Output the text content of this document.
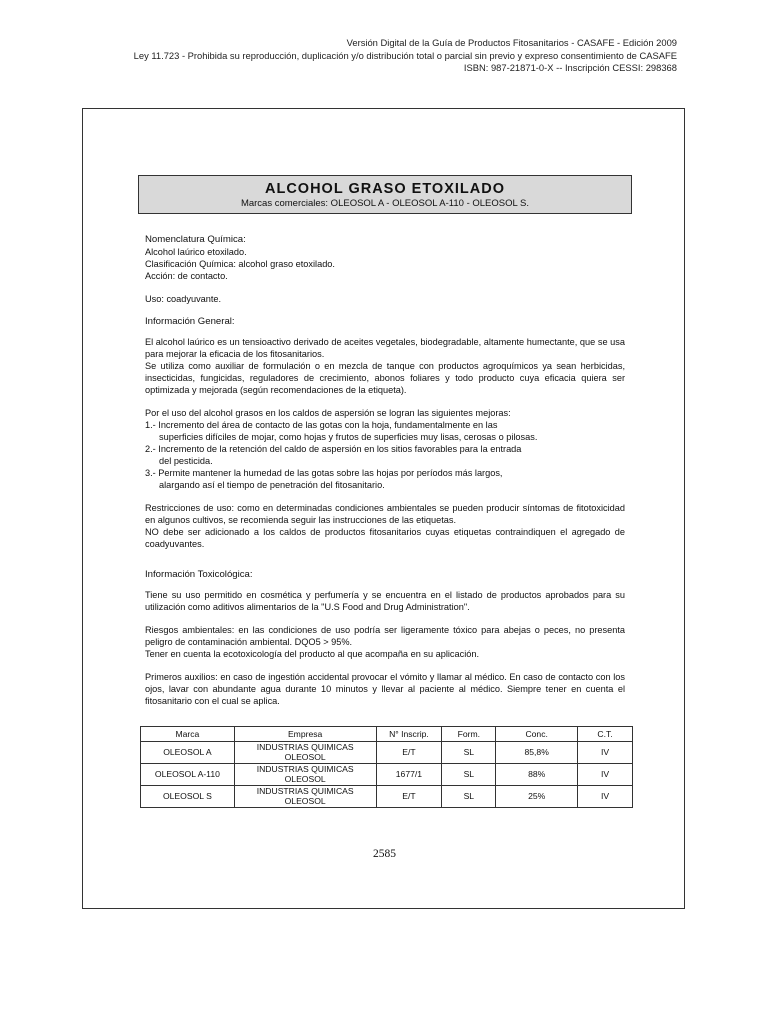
Versión Digital de la Guía de Productos Fitosanitarios - CASAFE - Edición 2009
Ley 11.723 - Prohibida su reproducción, duplicación y/o distribución total o parcial sin previo y expreso consentimiento de CASAFE
ISBN: 987-21871-0-X -- Inscripción CESSI: 298368
ALCOHOL GRASO ETOXILADO
Marcas comerciales: OLEOSOL A - OLEOSOL A-110 - OLEOSOL S.

Nomenclatura Química:

Alcohol laúrico etoxilado.

Clasificación Química: alcohol graso etoxilado.

Acción: de contacto.

Uso: coadyuvante.

Información General:

El alcohol laúrico es un tensioactivo derivado de aceites vegetales, biodegradable, altamente humectante, que se usa para mejorar la eficacia de los fitosanitarios.

Se utiliza como auxiliar de formulación o en mezcla de tanque con productos agroquímicos ya sean herbicidas, insecticidas, fungicidas, reguladores de crecimiento, abonos foliares y todo producto cuya eficacia quiera ser optimizada y mejorada (según recomendaciones de la etiqueta).

Por el uso del alcohol grasos en los caldos de aspersión se logran las siguientes mejoras:

1.- Incremento del área de contacto de las gotas con la hoja, fundamentalmente en las

superficies difíciles de mojar, como hojas y frutos de superficies muy lisas, cerosas o pilosas.

2.- Incremento de la retención del caldo de aspersión en los sitios favorables para la entrada

del pesticida.

3.- Permite mantener la humedad de las gotas sobre las hojas por períodos más largos,

alargando así el tiempo de penetración del fitosanitario.

Restricciones de uso: como en determinadas condiciones ambientales se pueden producir síntomas de fitotoxicidad en algunos cultivos, se recomienda seguir las instrucciones de las etiquetas.

NO debe ser adicionado a los caldos de productos fitosanitarios cuyas etiquetas contraindiquen el agregado de coadyuvantes.

Información Toxicológica:

Tiene su uso permitido en cosmética y perfumería y se encuentra en el listado de productos aprobados para su utilización como aditivos alimentarios de la "U.S Food and Drug Administration".

Riesgos ambientales: en las condiciones de uso podría ser ligeramente tóxico para abejas o peces, no presenta peligro de contaminación ambiental. DQO5 > 95%.

Tener en cuenta la ecotoxicología del producto al que acompaña en su aplicación.

Primeros auxilios: en caso de ingestión accidental provocar el vómito y llamar al médico. En caso de contacto con los ojos, lavar con abundante agua durante 10 minutos y llevar al paciente al médico. Siempre tener en cuenta el fitosanitario con el cual se aplica.

Marca	Empresa	N° Inscrip.	Form.	Conc.	C.T.
OLEOSOL A	INDUSTRIAS QUIMICAS OLEOSOL	E/T	SL	85,8%	IV
OLEOSOL A-110	INDUSTRIAS QUIMICAS OLEOSOL	1677/1	SL	88%	IV
OLEOSOL S	INDUSTRIAS QUIMICAS OLEOSOL	E/T	SL	25%	IV
2585
